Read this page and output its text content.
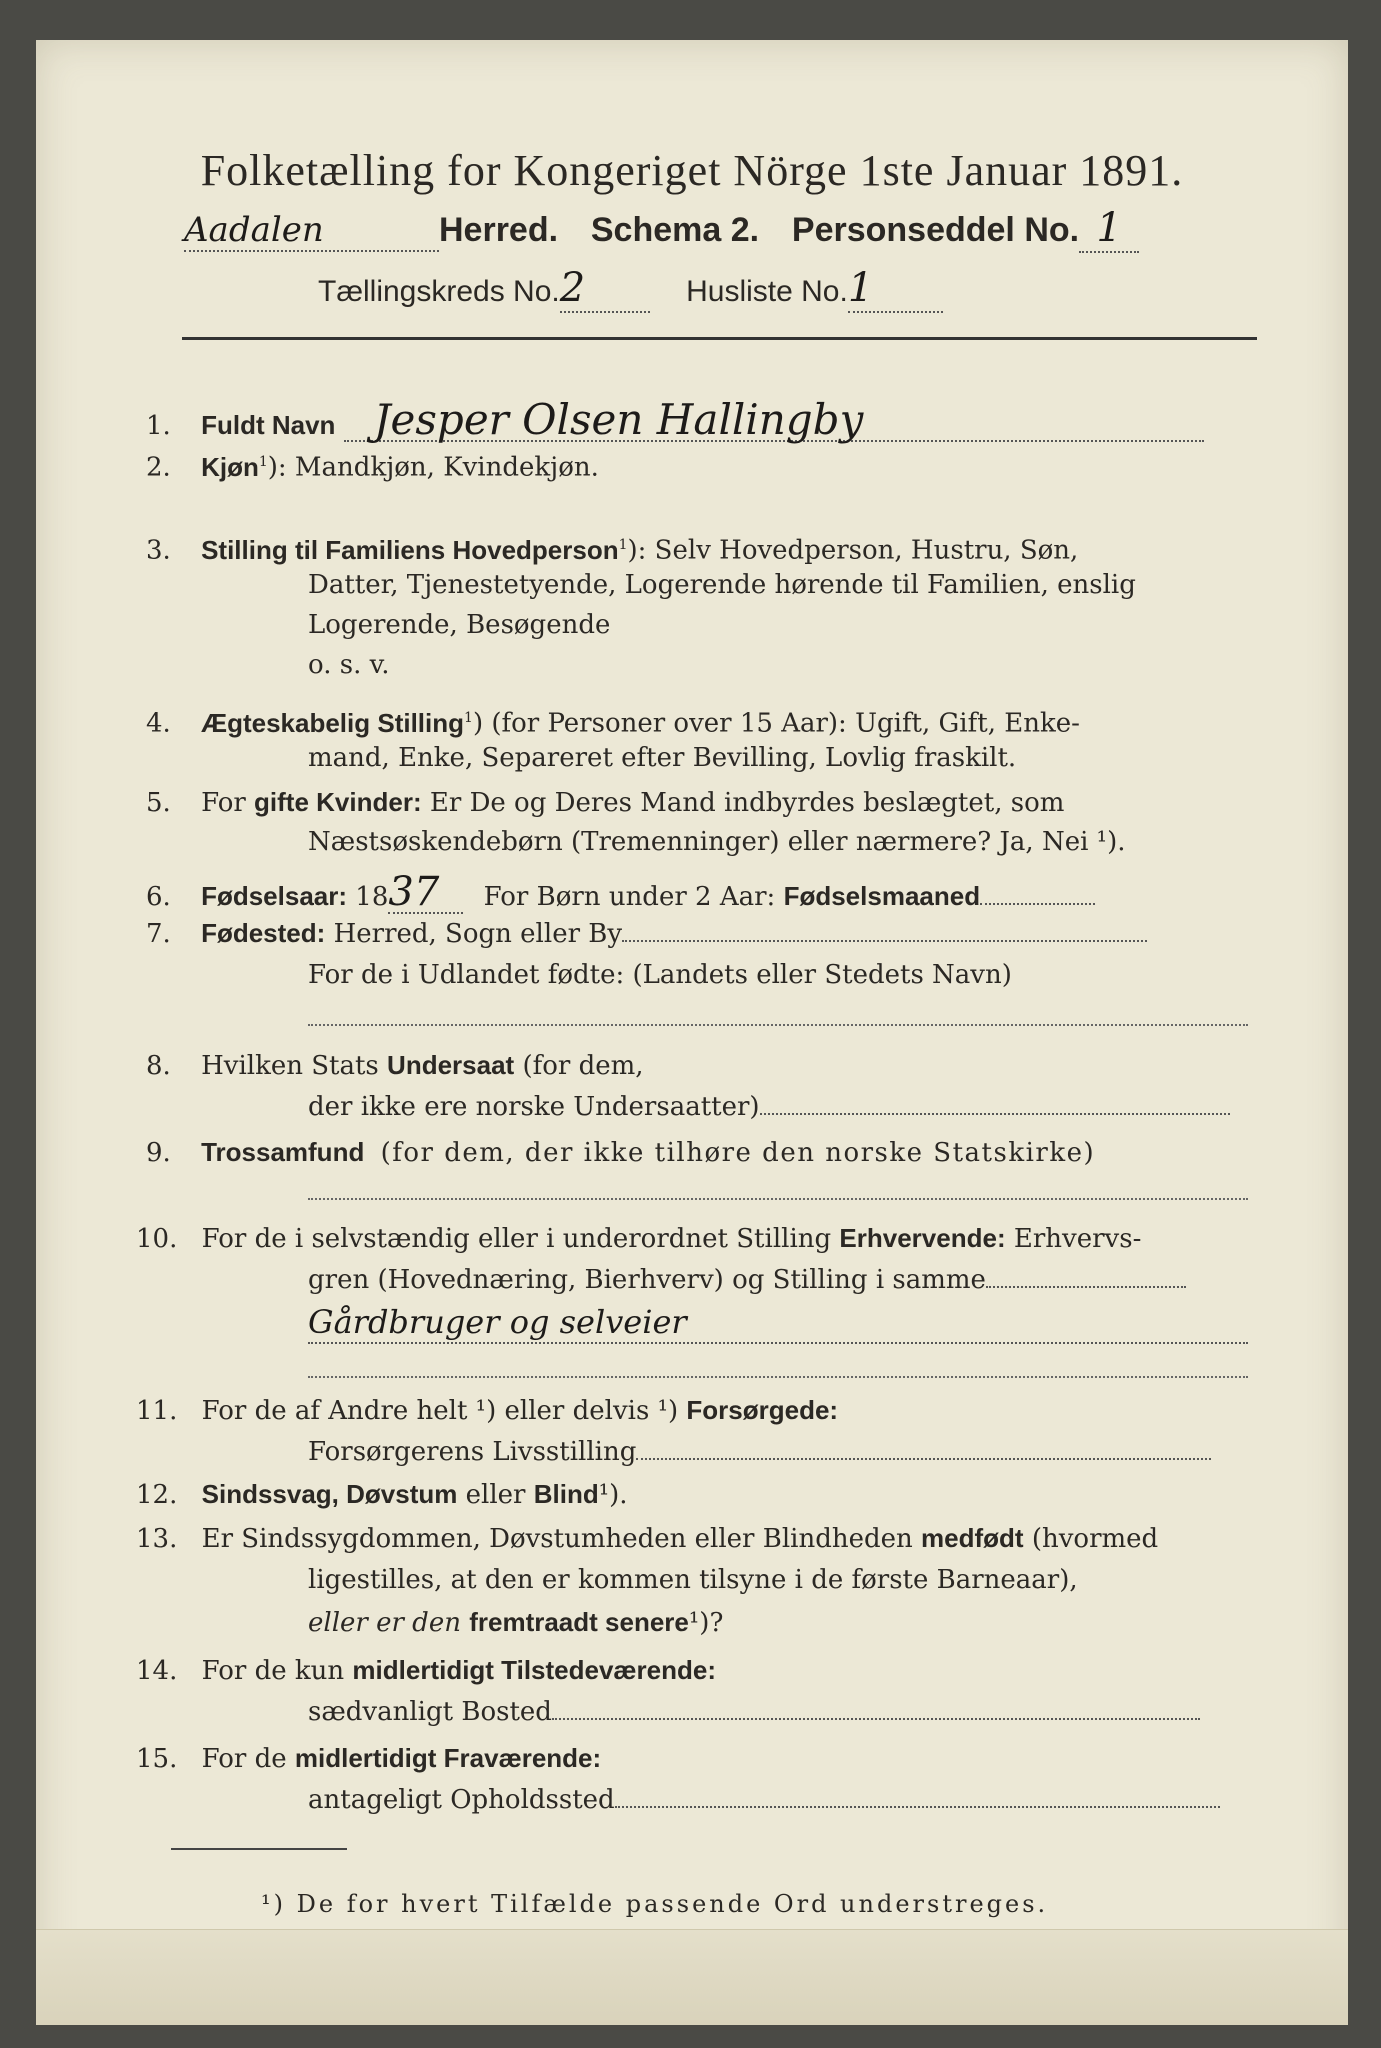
Folketælling for Kongeriget Nörge 1ste Januar 1891.
Aadalen	Herred. Schema 2. Personseddel No. 1
Tællingskreds No.2	Husliste No.1
1. Fuldt Navn Jesper Olsen Hallingby
2. Kjøn$^1$): Mandkjøn, Kvindekjøn.
3. Stilling til Familiens Hovedperson$^1$): Selv Hovedperson, Hustru, Søn,
Datter, Tjenestetyende, Logerende hørende til Familien, enslig
Logerende, Besøgende
o. s. v.
4. Ægteskabelig Stilling$^1$) (for Personer over 15 Aar): Ugift, Gift, Enke-
mand, Enke, Separeret efter Bevilling, Lovlig fraskilt.
5. For gifte Kvinder: Er De og Deres Mand indbyrdes beslægtet, som
Næstsøskendebørn (Tremenninger) eller nærmere? Ja, Nei ¹).
6. Fødselsaar: 1837 For Børn under 2 Aar: Fødselsmaaned
7. Fødested: Herred, Sogn eller By
For de i Udlandet fødte: (Landets eller Stedets Navn)
8. Hvilken Stats Undersaat (for dem,
der ikke ere norske Undersaatter)
9. Trossamfund (for dem, der ikke tilhøre den norske Statskirke)
10. For de i selvstændig eller i underordnet Stilling Erhvervende: Erhvervs-
gren (Hovednæring, Bierhverv) og Stilling i samme
Gårdbruger og selveier
11. For de af Andre helt ¹) eller delvis ¹) Forsørgede:
Forsørgerens Livsstilling
12. Sindssvag, Døvstum eller Blind¹).
13. Er Sindssygdommen, Døvstumheden eller Blindheden medfødt (hvormed
ligestilles, at den er kommen tilsyne i de første Barneaar),
eller er den fremtraadt senere¹)?
14. For de kun midlertidigt Tilstedeværende:
sædvanligt Bosted
15. For de midlertidigt Fraværende:
antageligt Opholdssted
¹) De for hvert Tilfælde passende Ord understreges.
